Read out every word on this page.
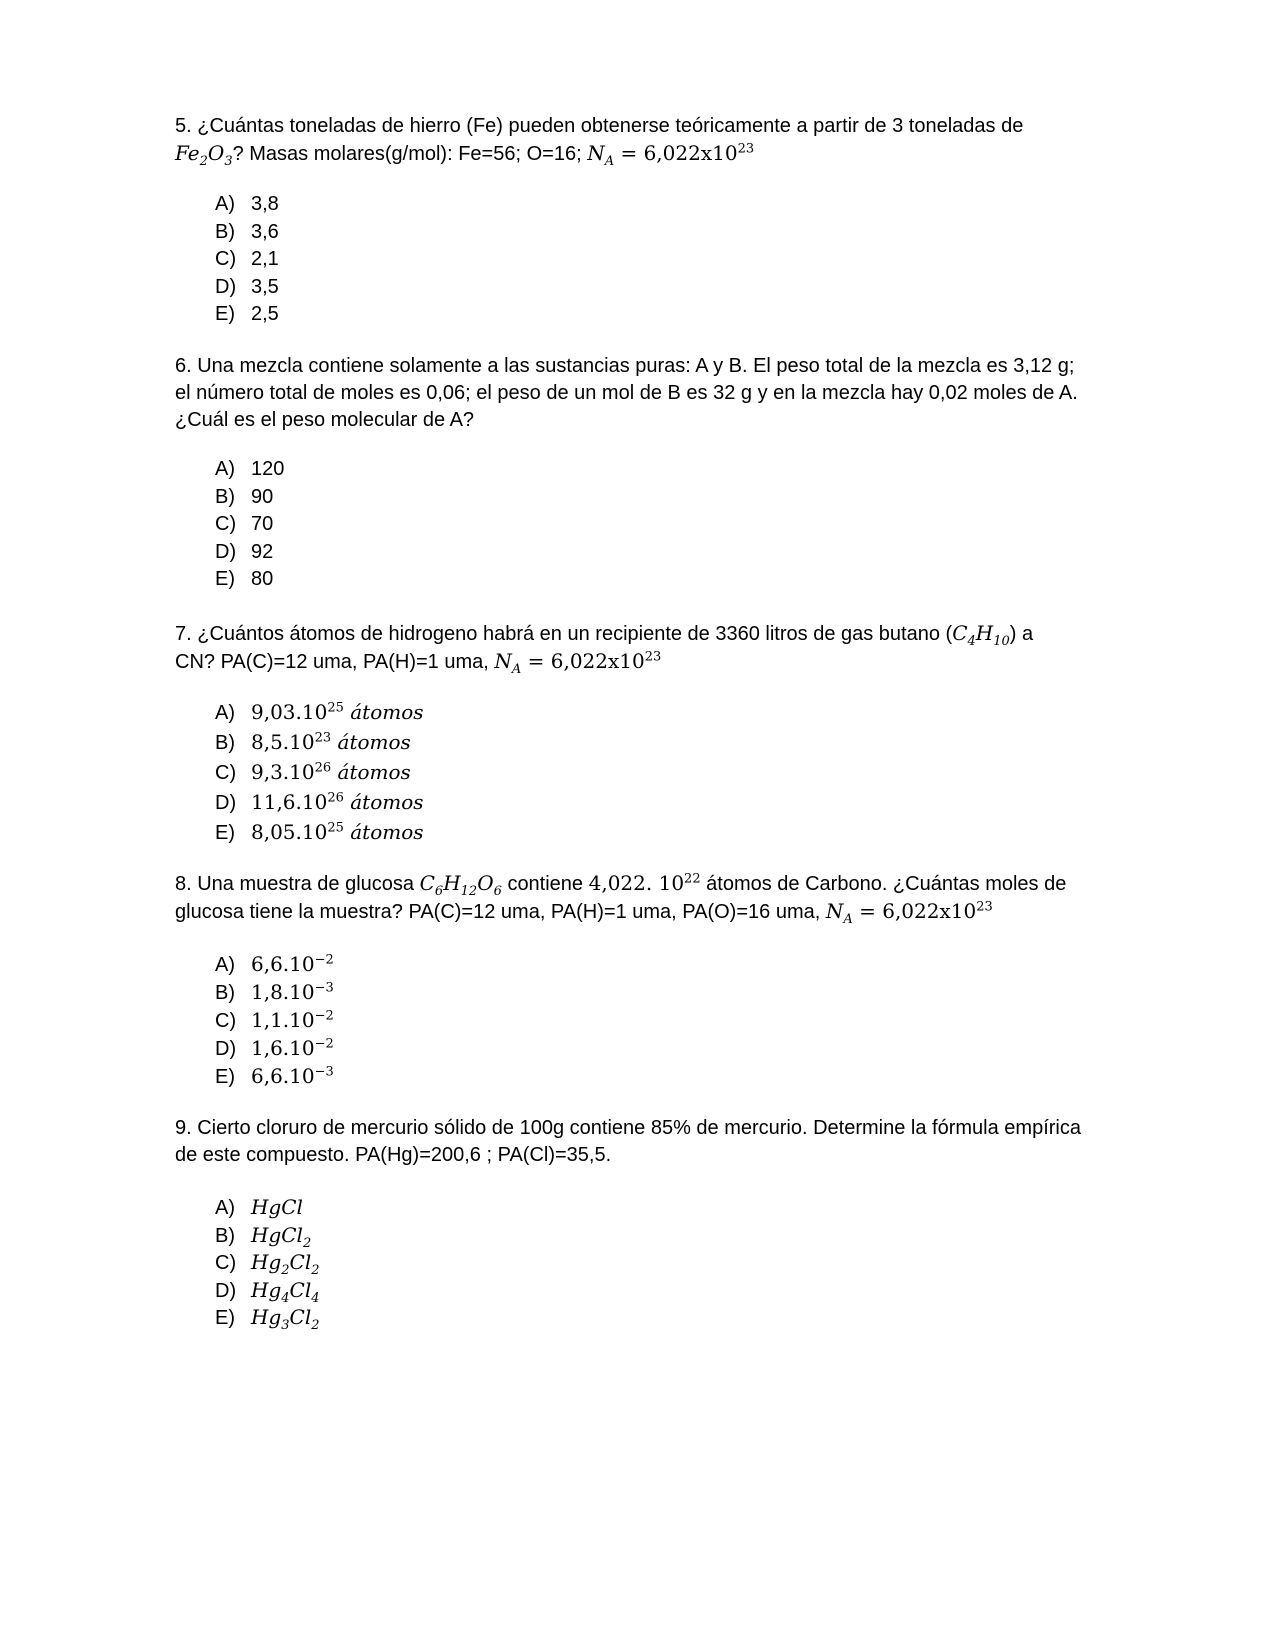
5. ¿Cuántas toneladas de hierro (Fe) pueden obtenerse teóricamente a partir de 3 toneladas de
$Fe_2O_3$? Masas molares(g/mol): Fe=56; O=16; $N_A = 6,022x10^{23}$

A) 3,8
B) 3,6
C) 2,1
D) 3,5
E) 2,5

6. Una mezcla contiene solamente a las sustancias puras: A y B. El peso total de la mezcla es 3,12 g; el número total de moles es 0,06; el peso de un mol de B es 32 g y en la mezcla hay 0,02 moles de A. ¿Cuál es el peso molecular de A?

A) 120
B) 90
C) 70
D) 92
E) 80

7. ¿Cuántos átomos de hidrogeno habrá en un recipiente de 3360 litros de gas butano $(C_4H_{10})$ a
CN? PA(C)=12 uma, PA(H)=1 uma, $N_A = 6,022x10^{23}$

A) 9,03.10$^{25}$ átomos
B) 8,5.10$^{23}$ átomos
C) 9,3.10$^{26}$ átomos
D) 11,6.10$^{26}$ átomos
E) 8,05.10$^{25}$ átomos

8. Una muestra de glucosa $C_6H_{12}O_6$ contiene 4,022. $10^{22}$ átomos de Carbono. ¿Cuántas moles de
glucosa tiene la muestra? PA(C)=12 uma, PA(H)=1 uma, PA(O)=16 uma, $N_A = 6,022x10^{23}$

A) $6,6.10^{-2}$
B) $1,8.10^{-3}$
C) $1,1.10^{-2}$
D) $1,6.10^{-2}$
E) $6,6.10^{-3}$

9. Cierto cloruro de mercurio sólido de 100g contiene 85% de mercurio. Determine la fórmula empírica de este compuesto. PA(Hg)=200,6 ; PA(Cl)=35,5.

A) HgCl
B) HgCl$_2$
C) $Hg_2Cl_2$
D) $Hg_4Cl_4$
E) $Hg_3Cl_2$
